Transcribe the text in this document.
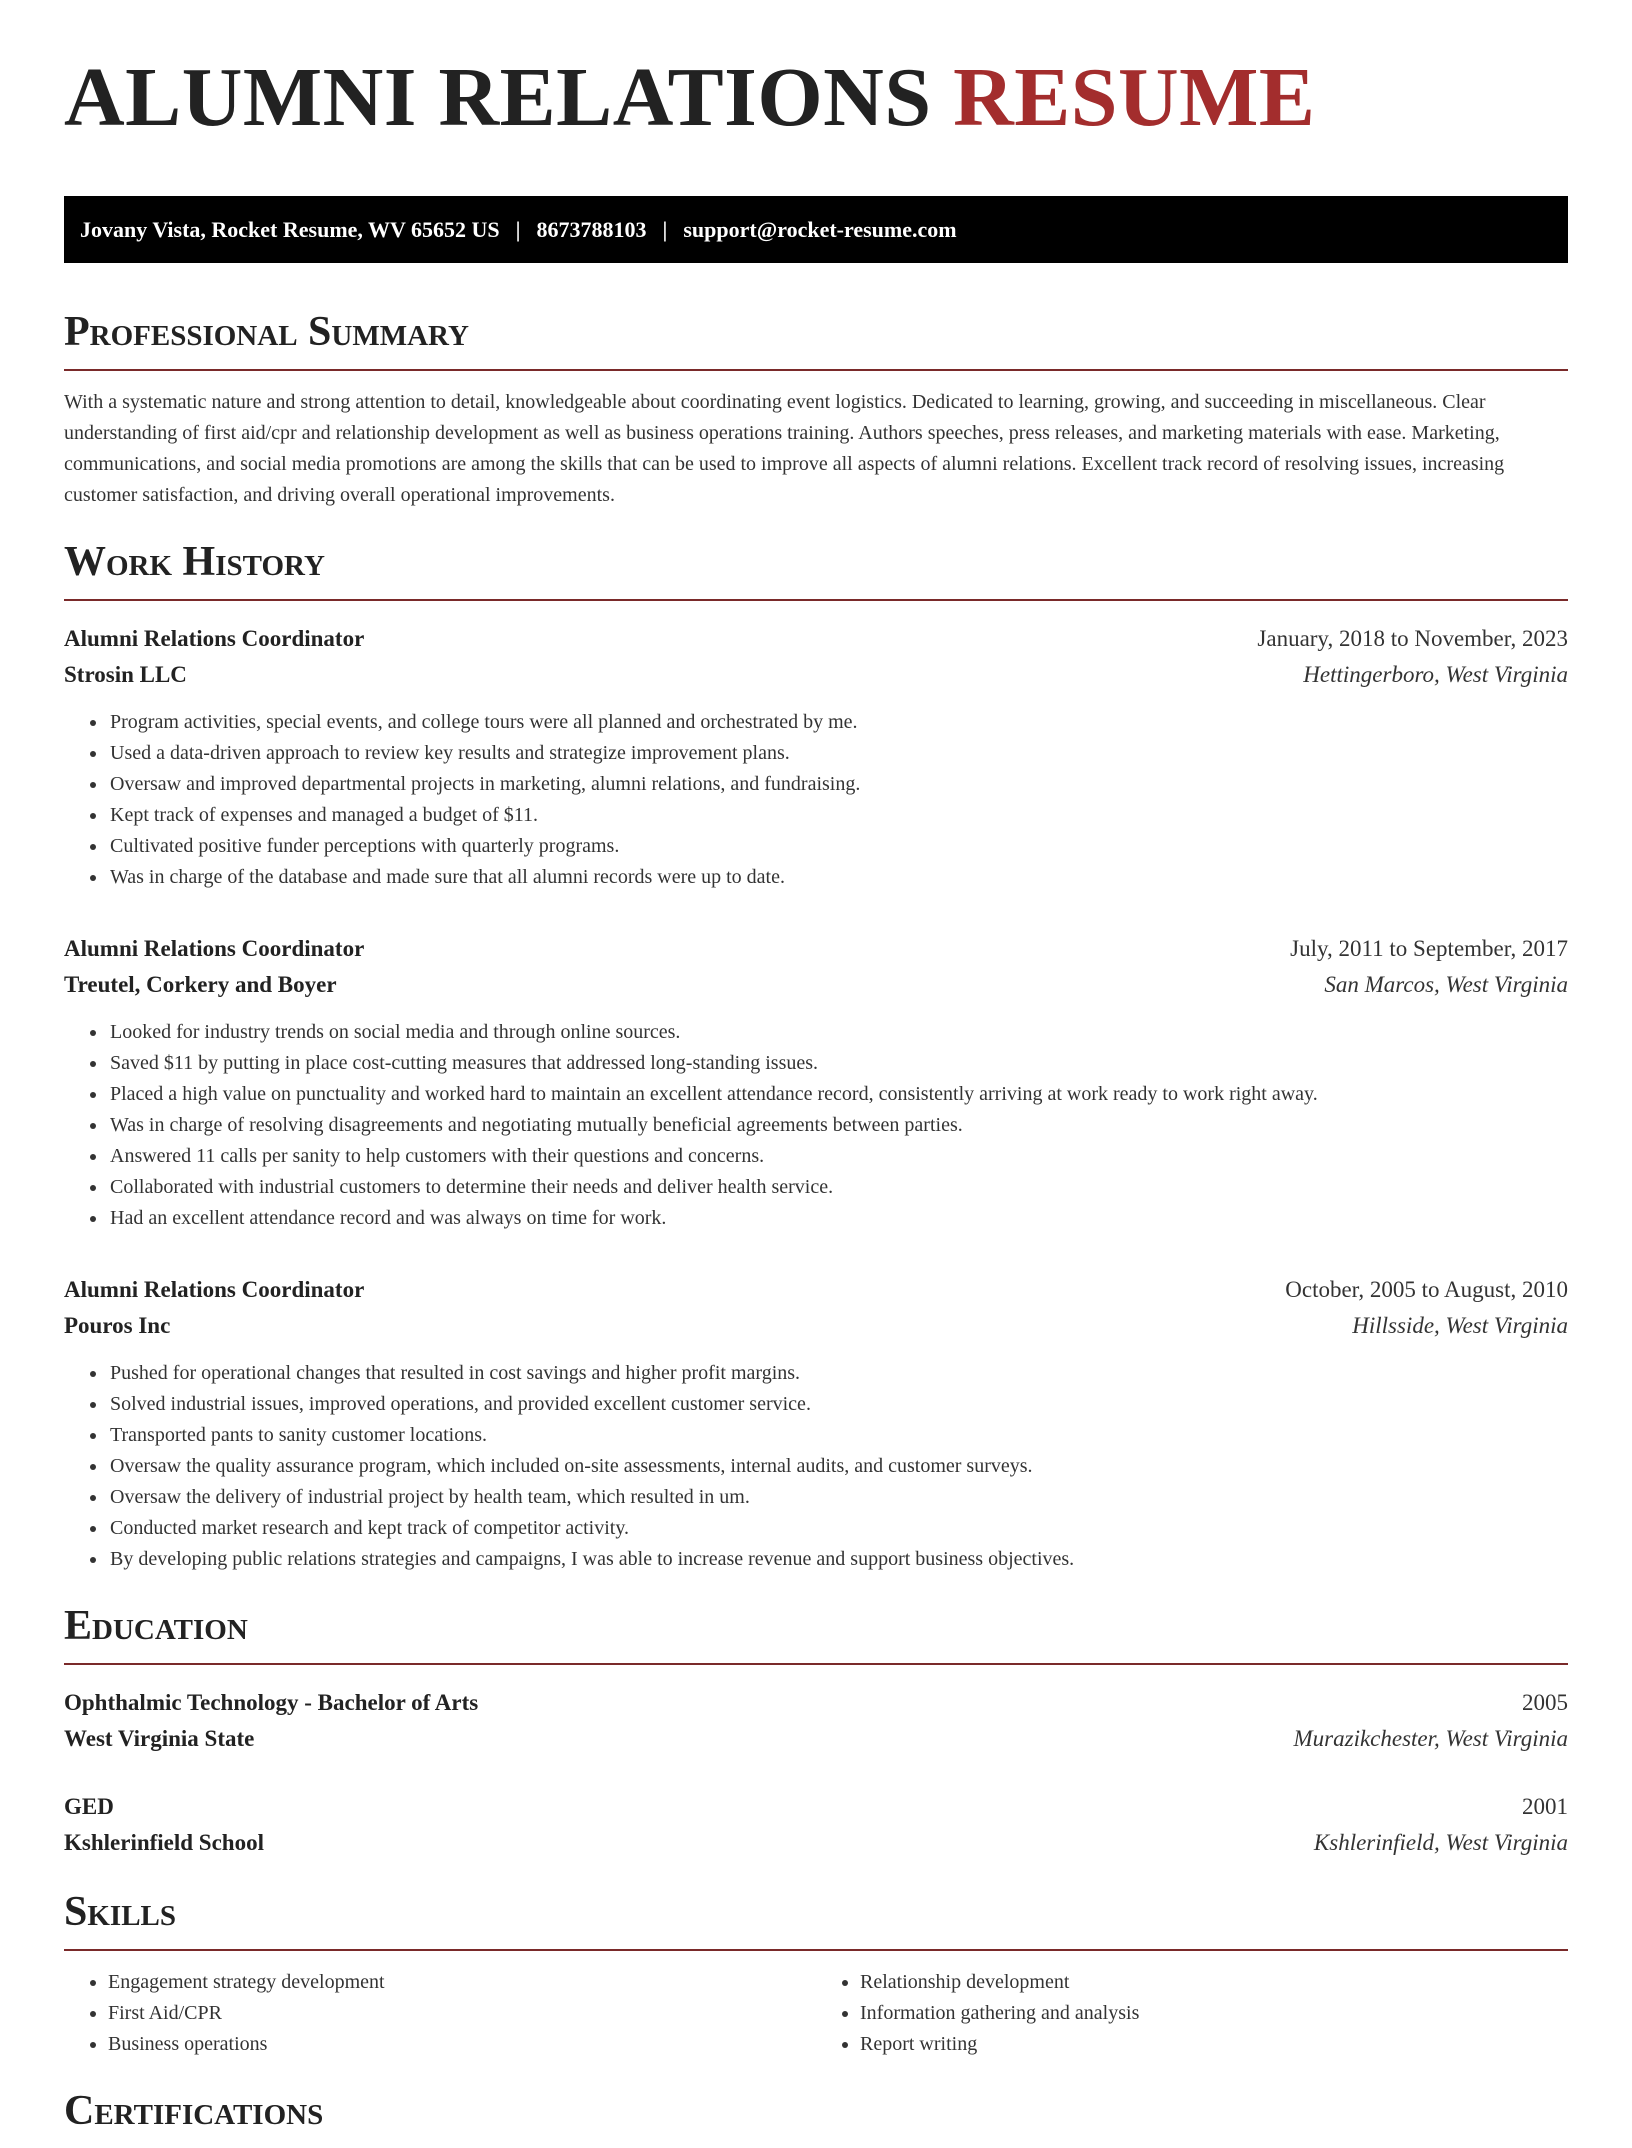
ALUMNI RELATIONS RESUME
Jovany Vista, Rocket Resume, WV 65652 US | 8673788103 | support@rocket-resume.com
Professional Summary

With a systematic nature and strong attention to detail, knowledgeable about coordinating event logistics. Dedicated to learning, growing, and succeeding in miscellaneous. Clear understanding of first aid/cpr and relationship development as well as business operations training. Authors speeches, press releases, and marketing materials with ease. Marketing, communications, and social media promotions are among the skills that can be used to improve all aspects of alumni relations. Excellent track record of resolving issues, increasing customer satisfaction, and driving overall operational improvements.

Work History
Alumni Relations Coordinator	January, 2018 to November, 2023
Strosin LLC	Hettingerboro, West Virginia
• Program activities, special events, and college tours were all planned and orchestrated by me.
• Used a data-driven approach to review key results and strategize improvement plans.
• Oversaw and improved departmental projects in marketing, alumni relations, and fundraising.
• Kept track of expenses and managed a budget of $11.
• Cultivated positive funder perceptions with quarterly programs.
• Was in charge of the database and made sure that all alumni records were up to date.
Alumni Relations Coordinator	July, 2011 to September, 2017
Treutel, Corkery and Boyer	San Marcos, West Virginia
• Looked for industry trends on social media and through online sources.
• Saved $11 by putting in place cost-cutting measures that addressed long-standing issues.
• Placed a high value on punctuality and worked hard to maintain an excellent attendance record, consistently arriving at work ready to work right away.
• Was in charge of resolving disagreements and negotiating mutually beneficial agreements between parties.
• Answered 11 calls per sanity to help customers with their questions and concerns.
• Collaborated with industrial customers to determine their needs and deliver health service.
• Had an excellent attendance record and was always on time for work.
Alumni Relations Coordinator	October, 2005 to August, 2010
Pouros Inc	Hillsside, West Virginia
• Pushed for operational changes that resulted in cost savings and higher profit margins.
• Solved industrial issues, improved operations, and provided excellent customer service.
• Transported pants to sanity customer locations.
• Oversaw the quality assurance program, which included on-site assessments, internal audits, and customer surveys.
• Oversaw the delivery of industrial project by health team, which resulted in um.
• Conducted market research and kept track of competitor activity.
• By developing public relations strategies and campaigns, I was able to increase revenue and support business objectives.
Education
Ophthalmic Technology - Bachelor of Arts	2005
West Virginia State	Murazikchester, West Virginia
GED	2001
Kshlerinfield School	Kshlerinfield, West Virginia
Skills
• Engagement strategy development
• First Aid/CPR
• Business operations
• Relationship development
• Information gathering and analysis
• Report writing
Certifications
